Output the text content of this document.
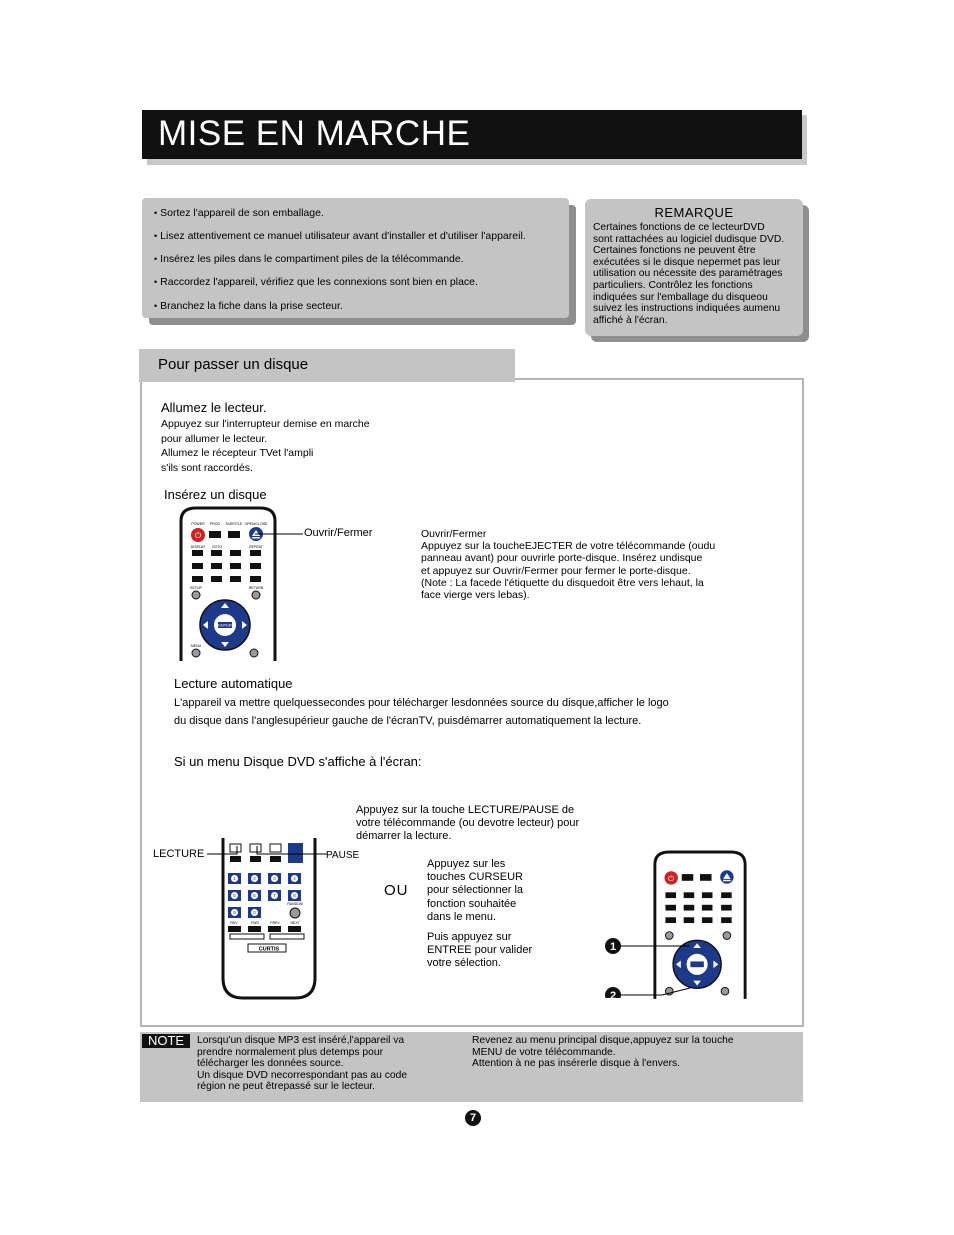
MISE EN MARCHE
• Sortez l'appareil de son emballage.
• Lisez attentivement ce manuel utilisateur avant d'installer et d'utiliser l'appareil.
• Insérez les piles dans le compartiment piles de la télécommande.
• Raccordez l'appareil, vérifiez que les connexions sont bien en place.
• Branchez la fiche dans la prise secteur.
REMARQUE
Certaines fonctions de ce lecteurDVD
sont rattachées au logiciel dudisque DVD.
Certaines fonctions ne peuvent être
exécutées si le disque nepermet pas leur
utilisation ou nécessite des paramétrages
particuliers. Contrôlez les fonctions
indiquées sur l'emballage du disqueou
suivez les instructions indiquées aumenu
affiché à l'écran.
Pour passer un disque
Allumez le lecteur.
Appuyez sur l'interrupteur demise en marche
pour allumer le lecteur.
Allumez le récepteur TVet l'ampli
s'ils sont raccordés.
Insérez un disque
⏻
POWER PROG SUBTITLE OPEN/CLOSE
DISPLAY GOTO	REPEAT
SETUP	RETURN
ENTER
MENU
Ouvrir/Fermer	Ouvrir/Fermer
Appuyez sur la toucheEJECTER de votre télécommande (oudu
panneau avant) pour ouvrirle porte-disque. Insérez undisque
et appuyez sur Ouvrir/Fermer pour fermer le porte-disque.
(Note : La facede l'étiquette du disquedoit être vers lehaut, la
face vierge vers lebas).
Lecture automatique
L'appareil va mettre quelquessecondes pour télécharger lesdonnées source du disque,afficher le logo
du disque dans l'anglesupérieur gauche de l'écranTV, puisdémarrer automatiquement la lecture.
Si un menu Disque DVD s'affiche à l'écran:
Appuyez sur la touche LECTURE/PAUSE de
votre télécommande (ou devotre lecteur) pour
démarrer la lecture.
RANDOM
1	2	3	4
5	6	7	8
9	0
REV	FWD	PREV	NEXT
CURTIS
LECTURE	PAUSE
OU
Appuyez sur les
touches CURSEUR
pour sélectionner la
fonction souhaitée
dans le menu.
Puis appuyez sur
ENTREE pour valider
votre sélection.
⏻
1
2
NOTE	Lorsqu'un disque MP3 est inséré,l'appareil va
prendre normalement plus detemps pour
télécharger les données source.
Un disque DVD necorrespondant pas au code
région ne peut êtrepassé sur le lecteur.
Revenez au menu principal disque,appuyez sur la touche
MENU de votre télécommande.
Attention à ne pas insérerle disque à l'envers.
7
